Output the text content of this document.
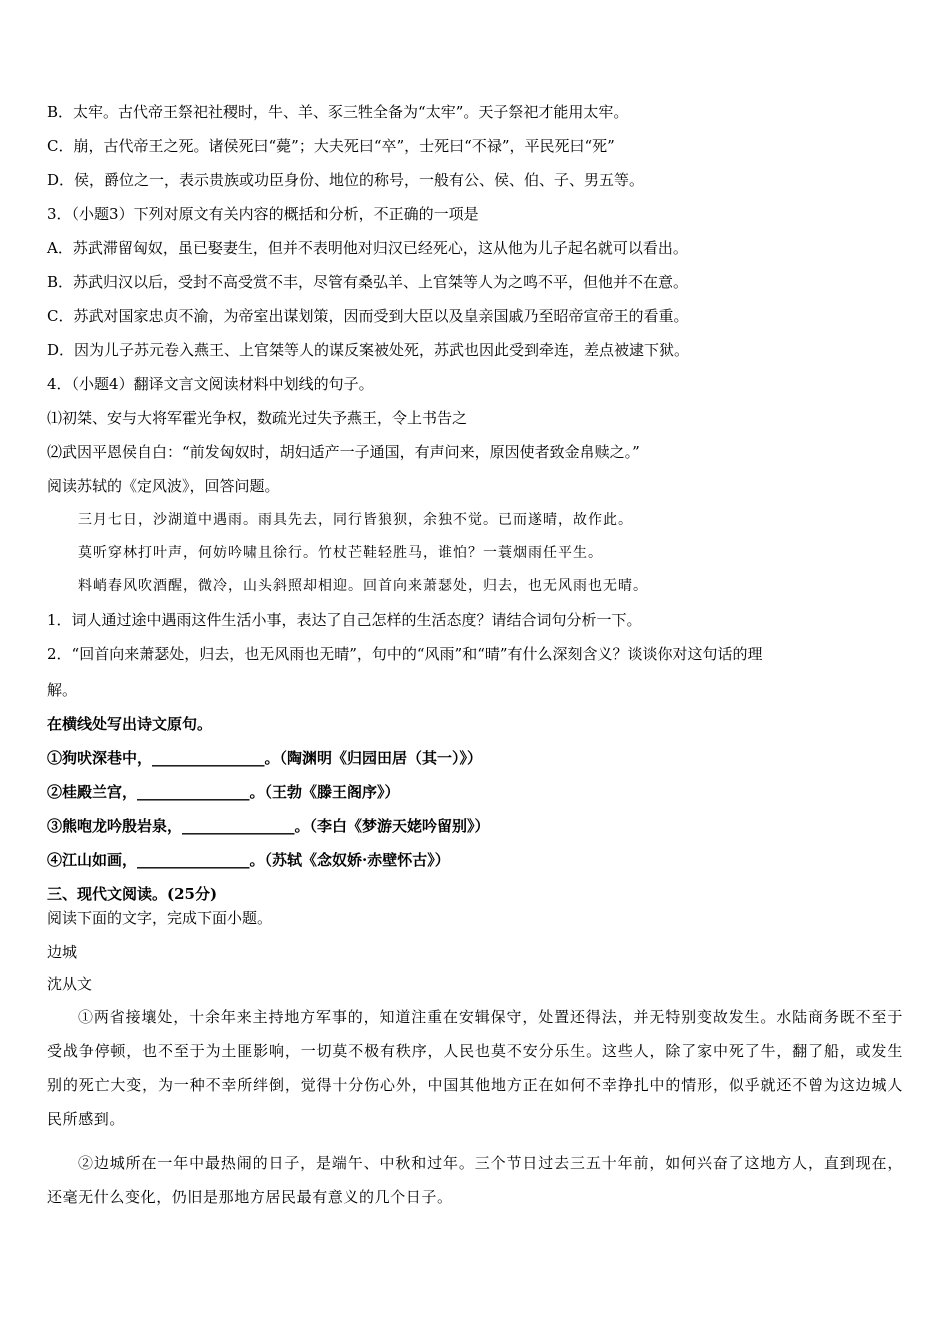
B．太牢。古代帝王祭祀社稷时，牛、羊、豕三牲全备为“太牢”。天子祭祀才能用太牢。
C．崩，古代帝王之死。诸侯死曰“薨”；大夫死曰“卒”，士死曰“不禄”，平民死曰“死”
D．侯，爵位之一，表示贵族或功臣身份、地位的称号，一般有公、侯、伯、子、男五等。
3．（小题3）下列对原文有关内容的概括和分析，不正确的一项是
A．苏武滞留匈奴，虽已娶妻生，但并不表明他对归汉已经死心，这从他为儿子起名就可以看出。
B．苏武归汉以后，受封不高受赏不丰，尽管有桑弘羊、上官桀等人为之鸣不平，但他并不在意。
C．苏武对国家忠贞不渝，为帝室出谋划策，因而受到大臣以及皇亲国戚乃至昭帝宣帝王的看重。
D．因为儿子苏元卷入燕王、上官桀等人的谋反案被处死，苏武也因此受到牵连，差点被逮下狱。
4．（小题4）翻译文言文阅读材料中划线的句子。
⑴初桀、安与大将军霍光争权，数疏光过失予燕王，令上书告之
⑵武因平恩侯自白：“前发匈奴时，胡妇适产一子通国，有声问来，原因使者致金帛赎之。”
阅读苏轼的《定风波》，回答问题。
三月七日，沙湖道中遇雨。雨具先去，同行皆狼狈，余独不觉。已而遂晴，故作此。
莫听穿林打叶声，何妨吟啸且徐行。竹杖芒鞋轻胜马，谁怕？一蓑烟雨任平生。
料峭春风吹酒醒，微冷，山头斜照却相迎。回首向来萧瑟处，归去，也无风雨也无晴。
1．词人通过途中遇雨这件生活小事，表达了自己怎样的生活态度？请结合词句分析一下。
2．“回首向来萧瑟处，归去，也无风雨也无晴”，句中的“风雨”和“晴”有什么深刻含义？谈谈你对这句话的理
解。
在横线处写出诗文原句。
①狗吠深巷中，_______________。（陶渊明《归园田居（其一）》）
②桂殿兰宫，_______________。（王勃《滕王阁序》）
③熊咆龙吟殷岩泉，_______________。（李白《梦游天姥吟留别》）
④江山如画，_______________。（苏轼《念奴娇·赤壁怀古》）
三、现代文阅读。(25分)
阅读下面的文字，完成下面小题。
边城
沈从文
①两省接壤处，十余年来主持地方军事的，知道注重在安辑保守，处置还得法，并无特别变故发生。水陆商务既不至于受战争停顿，也不至于为土匪影响，一切莫不极有秩序，人民也莫不安分乐生。这些人，除了家中死了牛，翻了船，或发生别的死亡大变，为一种不幸所绊倒，觉得十分伤心外，中国其他地方正在如何不幸挣扎中的情形，似乎就还不曾为这边城人民所感到。
②边城所在一年中最热闹的日子，是端午、中秋和过年。三个节日过去三五十年前，如何兴奋了这地方人，直到现在，还毫无什么变化，仍旧是那地方居民最有意义的几个日子。
